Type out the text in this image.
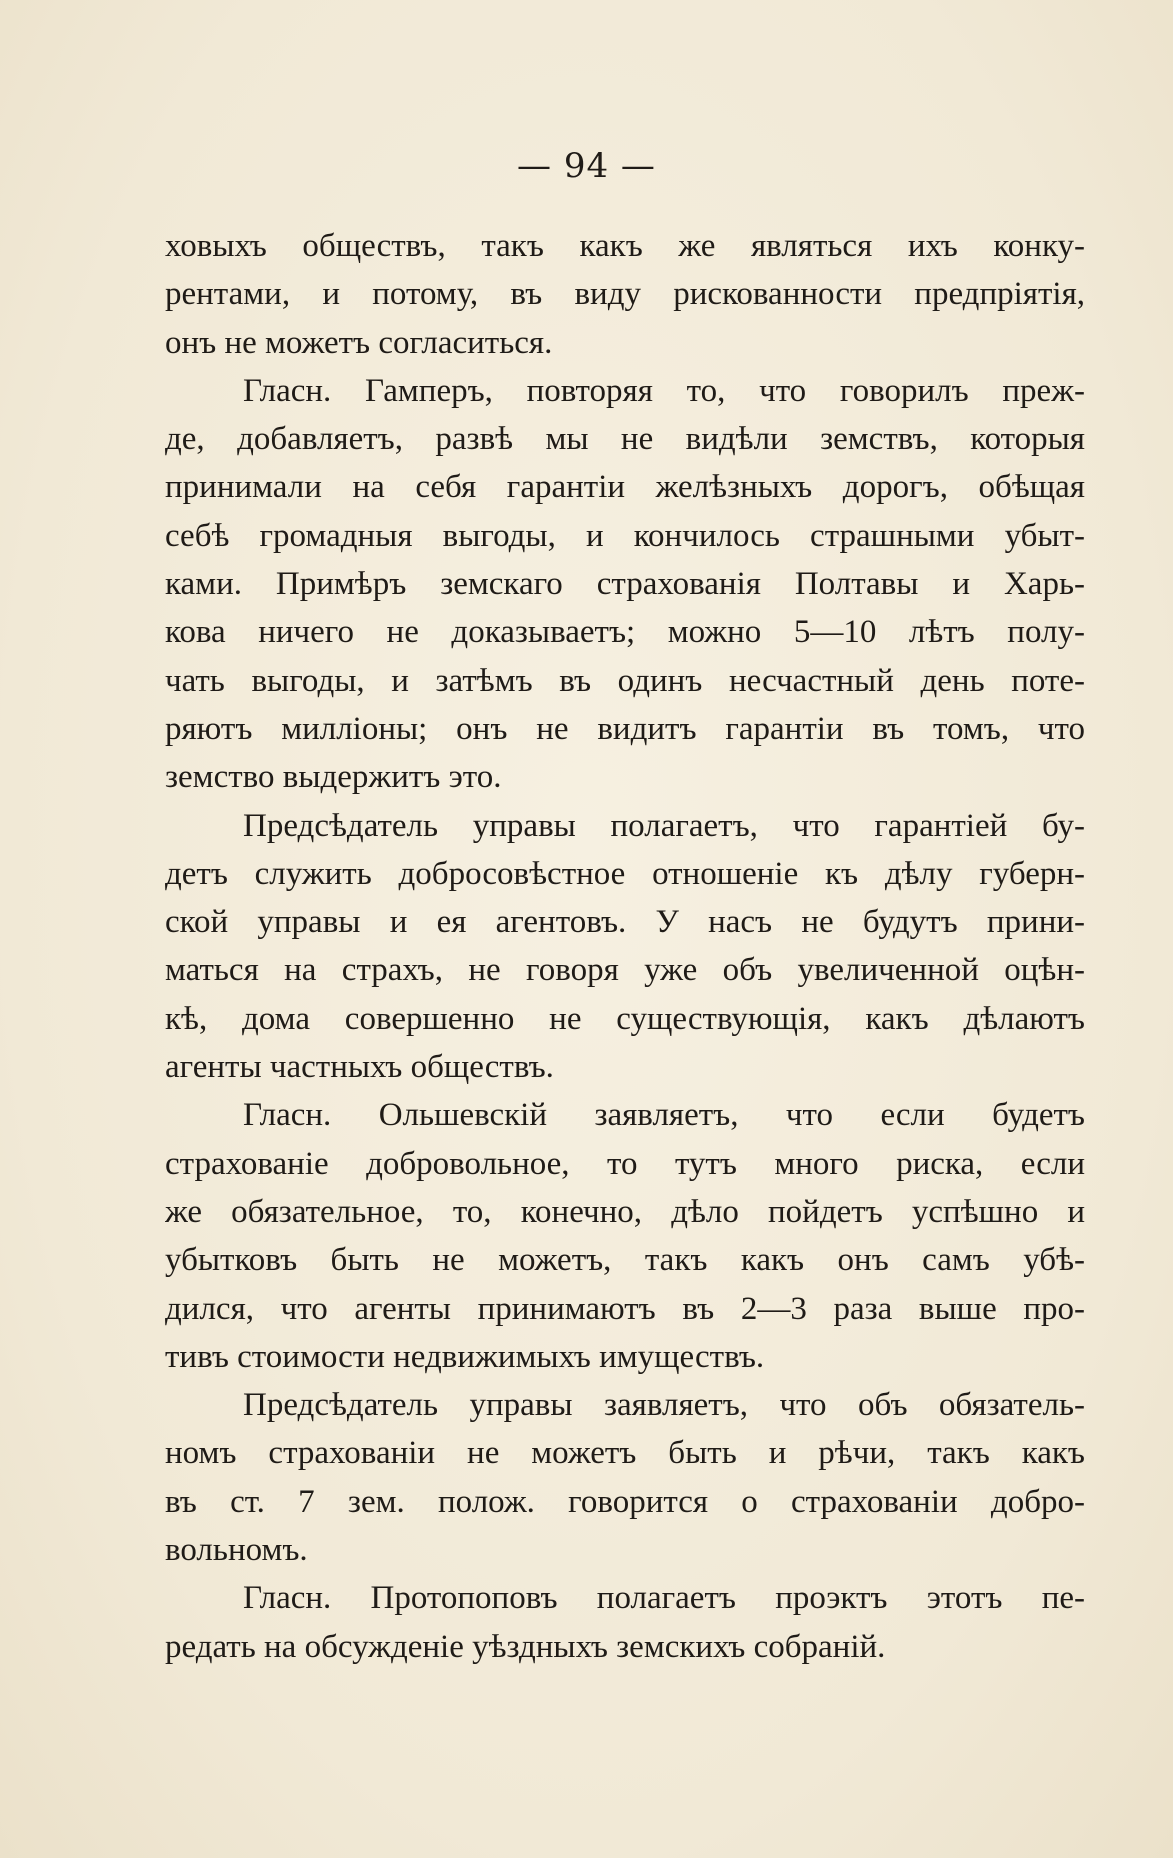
— 94 —
ховыхъ обществъ, такъ какъ же являться ихъ конку-
рентами, и потому, въ виду рискованности предпріятія,
онъ не можетъ согласиться.
Гласн. Гамперъ, повторяя то, что говорилъ преж-
де, добавляетъ, развѣ мы не видѣли земствъ, которыя
принимали на себя гарантіи желѣзныхъ дорогъ, обѣщая
себѣ громадныя выгоды, и кончилось страшными убыт-
ками. Примѣръ земскаго страхованія Полтавы и Харь-
кова ничего не доказываетъ; можно 5—10 лѣтъ полу-
чать выгоды, и затѣмъ въ одинъ несчастный день поте-
ряютъ милліоны; онъ не видитъ гарантіи въ томъ, что
земство выдержитъ это.
Предсѣдатель управы полагаетъ, что гарантіей бу-
детъ служить добросовѣстное отношеніе къ дѣлу губерн-
ской управы и ея агентовъ. У насъ не будутъ прини-
маться на страхъ, не говоря уже объ увеличенной оцѣн-
кѣ, дома совершенно не существующія, какъ дѣлаютъ
агенты частныхъ обществъ.
Гласн. Ольшевскій заявляетъ, что если будетъ
страхованіе добровольное, то тутъ много риска, если
же обязательное, то, конечно, дѣло пойдетъ успѣшно и
убытковъ быть не можетъ, такъ какъ онъ самъ убѣ-
дился, что агенты принимаютъ въ 2—3 раза выше про-
тивъ стоимости недвижимыхъ имуществъ.
Предсѣдатель управы заявляетъ, что объ обязатель-
номъ страхованіи не можетъ быть и рѣчи, такъ какъ
въ ст. 7 зем. полож. говорится о страхованіи добро-
вольномъ.
Гласн. Протопоповъ полагаетъ проэктъ этотъ пе-
редать на обсужденіе уѣздныхъ земскихъ собраній.
